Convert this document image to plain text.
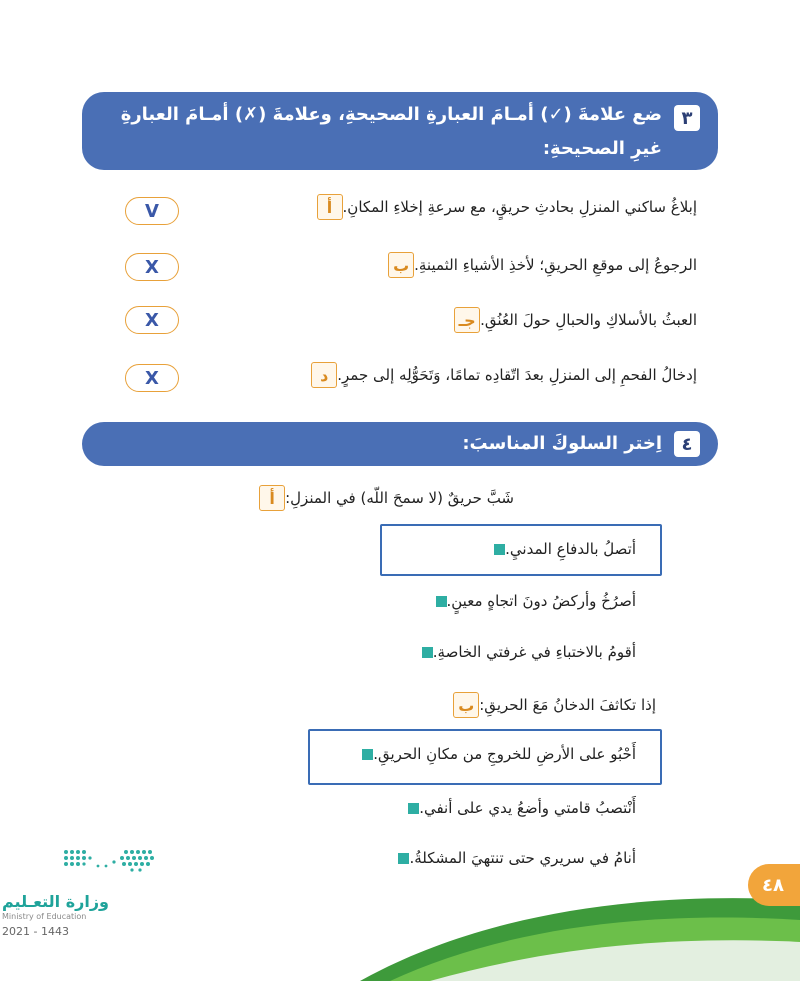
٣
ضع علامةَ (✓) أمـامَ العبارةِ الصحيحةِ، وعلامةَ (✗) أمـامَ العبارةِ غيرِ الصحيحةِ:
أ إبلاغُ ساكني المنزلِ بحادثِ حريقٍ، مع سرعةِ إخلاءِ المكانِ.
V
ب الرجوعُ إلى موقعِ الحريقِ؛ لأخذِ الأشياءِ الثمينةِ.
X
جـ العبثُ بالأسلاكِ والحبالِ حولَ العُنُقِ.
X
د إدخالُ الفحمِ إلى المنزلِ بعدَ اتّقادِه تمامًا، وَتَحَوُّلِه إلى جمرٍ.
X
٤
اِختر السلوكَ المناسبَ:
أ شَبَّ حريقٌ (لا سمحَ اللّه) في المنزلِ:
أتصلُ بالدفاعِ المدنيِ.
أصرُخُ وأركضُ دونَ اتجاهٍ معينٍ.
أقومُ بالاختباءِ في غرفتي الخاصةِ.
ب إذا تكاثفَ الدخانُ مَعَ الحريقِ:
أَحْبُو على الأرضِ للخروجِ من مكانِ الحريقِ.
أَنْتصبُ قامتي وأضعُ يدي على أنفي.
أنامُ في سريري حتى تنتهيَ المشكلةُ.
وزارة التعـليم
Ministry of Education
2021 - 1443
٤٨
